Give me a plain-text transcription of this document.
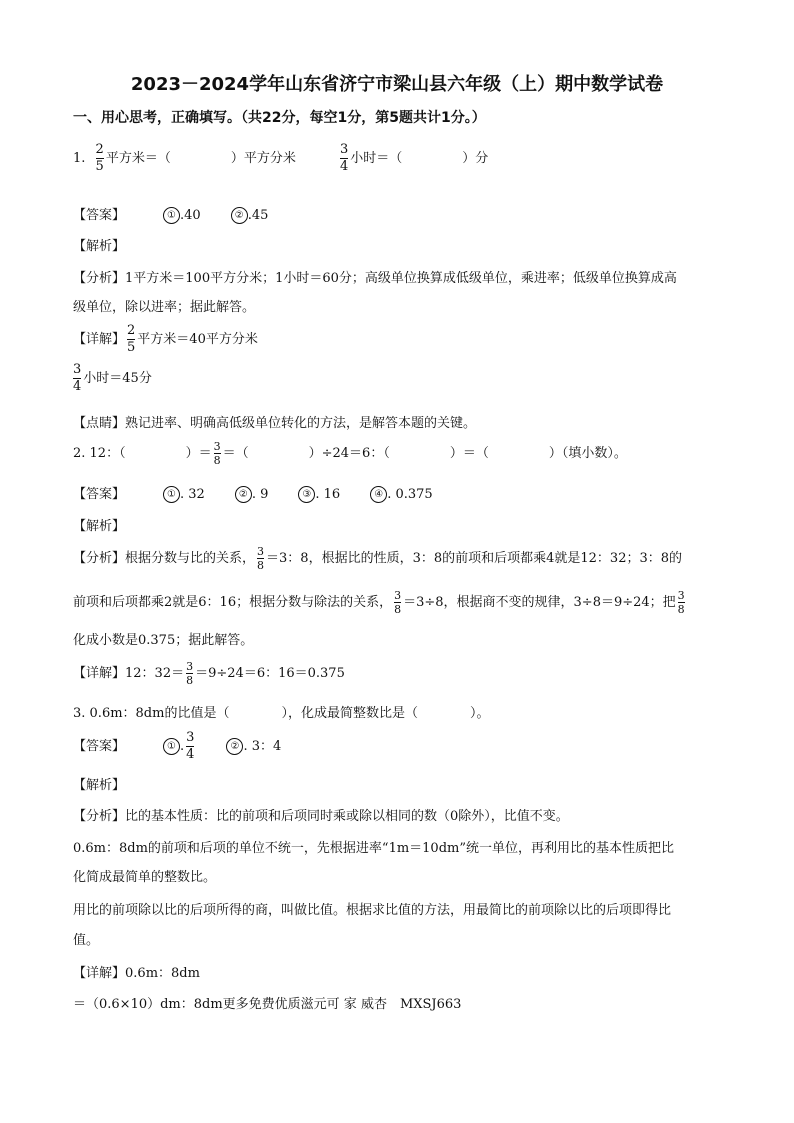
2023－2024学年山东省济宁市梁山县六年级（上）期中数学试卷
一、用心思考，正确填写。（共22分，每空1分，第5题共计1分。）
1. $\frac{2}{5}$ 平方米＝（	）平方分米	$\frac{3}{4}$ 小时＝（	）分
【答案】	① .40	② .45
【解析】
【分析】1平方米＝100平方分米；1小时＝60分；高级单位换算成低级单位，乘进率；低级单位换算成高
级单位，除以进率；据此解答。
【详解】 $\frac{2}{5}$ 平方米＝40平方分米
$\frac{3}{4}$ 小时＝45分
【点睛】熟记进率、明确高低级单位转化的方法，是解答本题的关键。
2. 12：（	）＝ $\frac{3}{8}$ ＝（	）÷24＝6：（	）＝（	）（填小数）。
【答案】	① . 32	② . 9	③ . 16	④ . 0.375
【解析】
【分析】根据分数与比的关系， $\frac{3}{8} =3$：8，根据比的性质，3：8的前项和后项都乘4就是12：32；3：8的
前项和后项都乘2就是6：16；根据分数与除法的关系， $\frac{3}{8} =3\div 8$，根据商不变的规律，3÷8＝9÷24；把 $\frac{3}{8}$
化成小数是0.375；据此解答。
【详解】12：$32= \frac{3}{8} =9\div 24=6$：16＝0.375
3. 0.6m：8dm的比值是（　　　　），化成最简整数比是（　　　　）。
【答案】	① . $\frac{3}{4}$	② . 3：4
【解析】
【分析】比的基本性质：比的前项和后项同时乘或除以相同的数（0除外），比值不变。
0.6m：8dm的前项和后项的单位不统一，先根据进率“1m＝10dm”统一单位，再利用比的基本性质把比
化简成最简单的整数比。
用比的前项除以比的后项所得的商，叫做比值。根据求比值的方法，用最简比的前项除以比的后项即得比
值。
【详解】0.6m：8dm
＝（0.6×10）dm：8dm更多免费优质滋元可 家 威杏　MXSJ663
